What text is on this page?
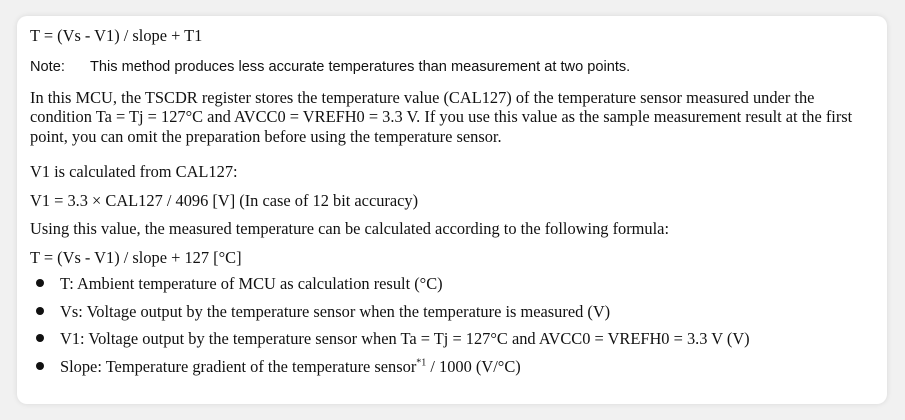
T = (Vs - V1) / slope + T1

Note:	This method produces less accurate temperatures than measurement at two points.

In this MCU, the TSCDR register stores the temperature value (CAL127) of the temperature sensor measured under the condition Ta = Tj = 127°C and AVCC0 = VREFH0 = 3.3 V. If you use this value as the sample measurement result at the first point, you can omit the preparation before using the temperature sensor.

V1 is calculated from CAL127:

V1 = 3.3 × CAL127 / 4096 [V] (In case of 12 bit accuracy)

Using this value, the measured temperature can be calculated according to the following formula:

T = (Vs - V1) / slope + 127 [°C]

T: Ambient temperature of MCU as calculation result (°C)
Vs: Voltage output by the temperature sensor when the temperature is measured (V)
V1: Voltage output by the temperature sensor when Ta = Tj = 127°C and AVCC0 = VREFH0 = 3.3 V (V)
Slope: Temperature gradient of the temperature sensor$^{*1}$ / 1000 (V/°C)
